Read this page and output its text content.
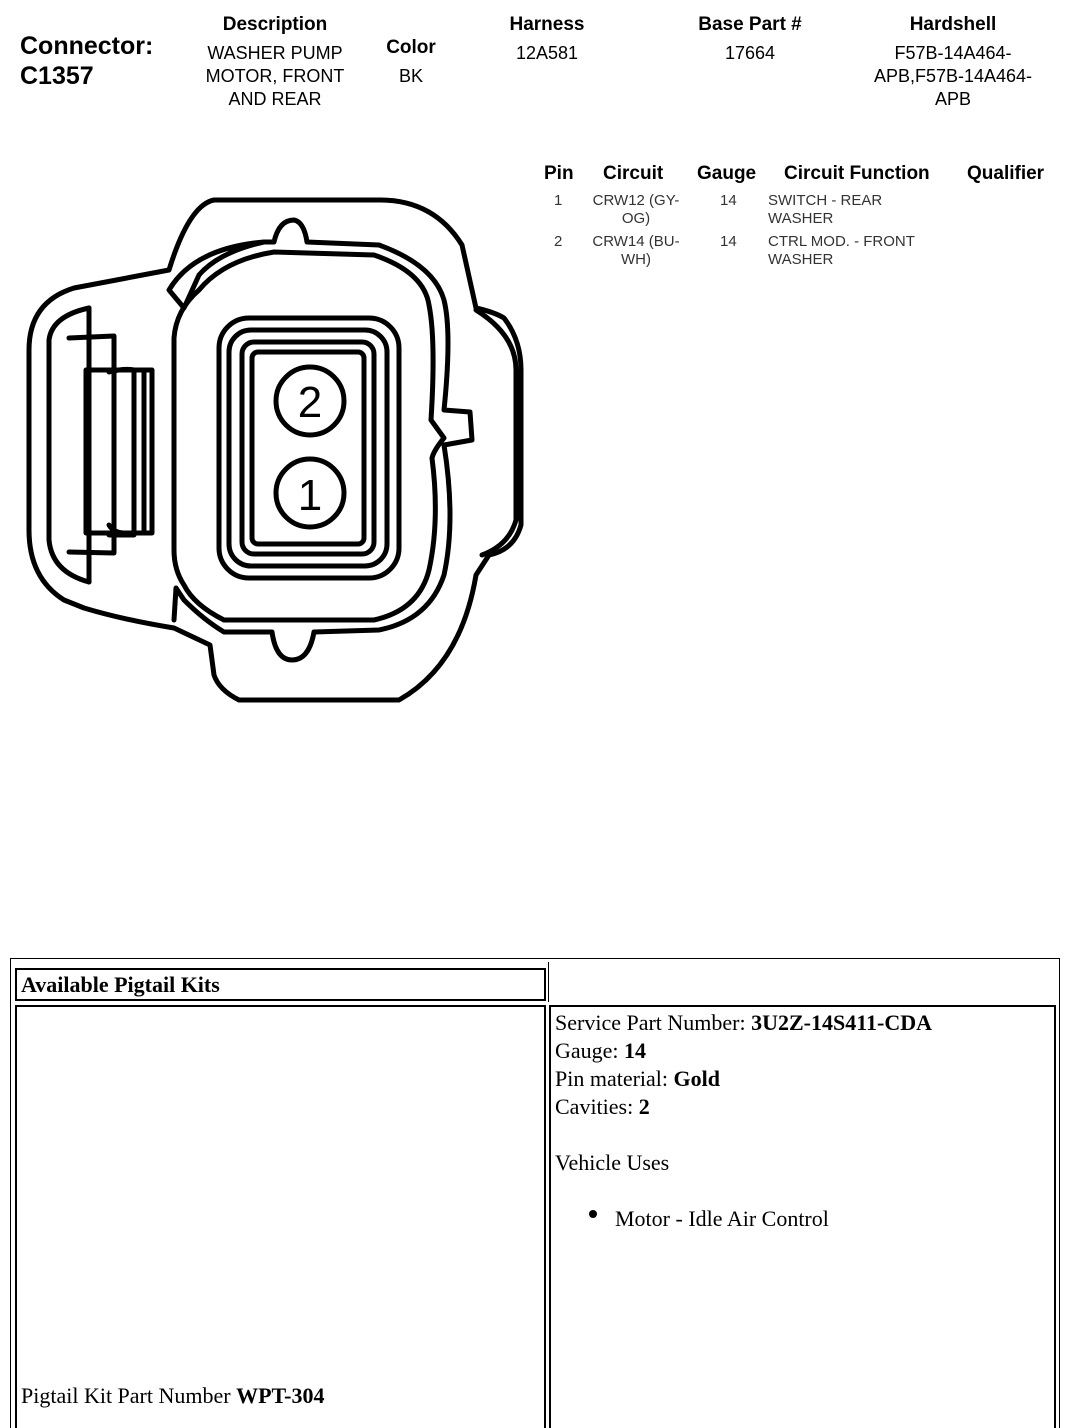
Connector:
C1357
Description
WASHER PUMP
MOTOR, FRONT
AND REAR
Color
BK
Harness
12A581
Base Part #
17664
Hardshell
F57B-14A464-
APB,F57B-14A464-
APB
Pin Circuit Gauge Circuit Function Qualifier
1	CRW12 (GY-
OG)
14 SWITCH - REAR
WASHER
2	CRW14 (BU-
WH)
14 CTRL MOD. - FRONT
WASHER
2
1
Available Pigtail Kits
Pigtail Kit Part Number WPT-304
Service Part Number: 3U2Z-14S411-CDA
Gauge: 14
Pin material: Gold
Cavities: 2
Vehicle Uses
Motor - Idle Air Control
